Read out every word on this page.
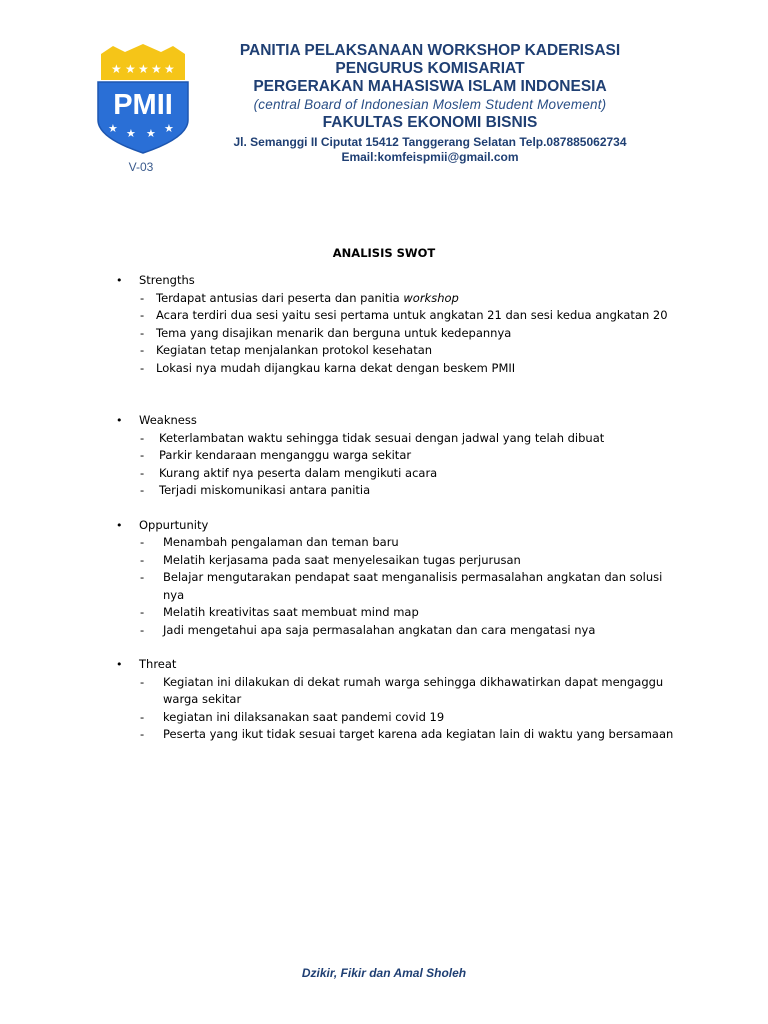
★ ★ ★ ★ ★
PMII
★ ★ ★ ★
V-03

PANITIA PELAKSANAAN WORKSHOP KADERISASI

PENGURUS KOMISARIAT

PERGERAKAN MAHASISWA ISLAM INDONESIA

(central Board of Indonesian Moslem Student Movement)

FAKULTAS EKONOMI BISNIS

Jl. Semanggi II Ciputat 15412 Tanggerang Selatan Telp.087885062734

Email:komfeispmii@gmail.com

ANALISIS SWOT
• Strengths
-	Terdapat antusias dari peserta dan panitia workshop
-	Acara terdiri dua sesi yaitu sesi pertama untuk angkatan 21 dan sesi kedua angkatan 20
-	Tema yang disajikan menarik dan berguna untuk kedepannya
-	Kegiatan tetap menjalankan protokol kesehatan
-	Lokasi nya mudah dijangkau karna dekat dengan beskem PMII
• Weakness
-	Keterlambatan waktu sehingga tidak sesuai dengan jadwal yang telah dibuat
-	Parkir kendaraan menganggu warga sekitar
-	Kurang aktif nya peserta dalam mengikuti acara
-	Terjadi miskomunikasi antara panitia
• Oppurtunity
-	Menambah pengalaman dan teman baru
-	Melatih kerjasama pada saat menyelesaikan tugas perjurusan
-	Belajar mengutarakan pendapat saat menganalisis permasalahan angkatan dan solusi nya
-	Melatih kreativitas saat membuat mind map
-	Jadi mengetahui apa saja permasalahan angkatan dan cara mengatasi nya
• Threat
-	Kegiatan ini dilakukan di dekat rumah warga sehingga dikhawatirkan dapat mengaggu warga sekitar
-	kegiatan ini dilaksanakan saat pandemi covid 19
-	Peserta yang ikut tidak sesuai target karena ada kegiatan lain di waktu yang bersamaan
Dzikir, Fikir dan Amal Sholeh
